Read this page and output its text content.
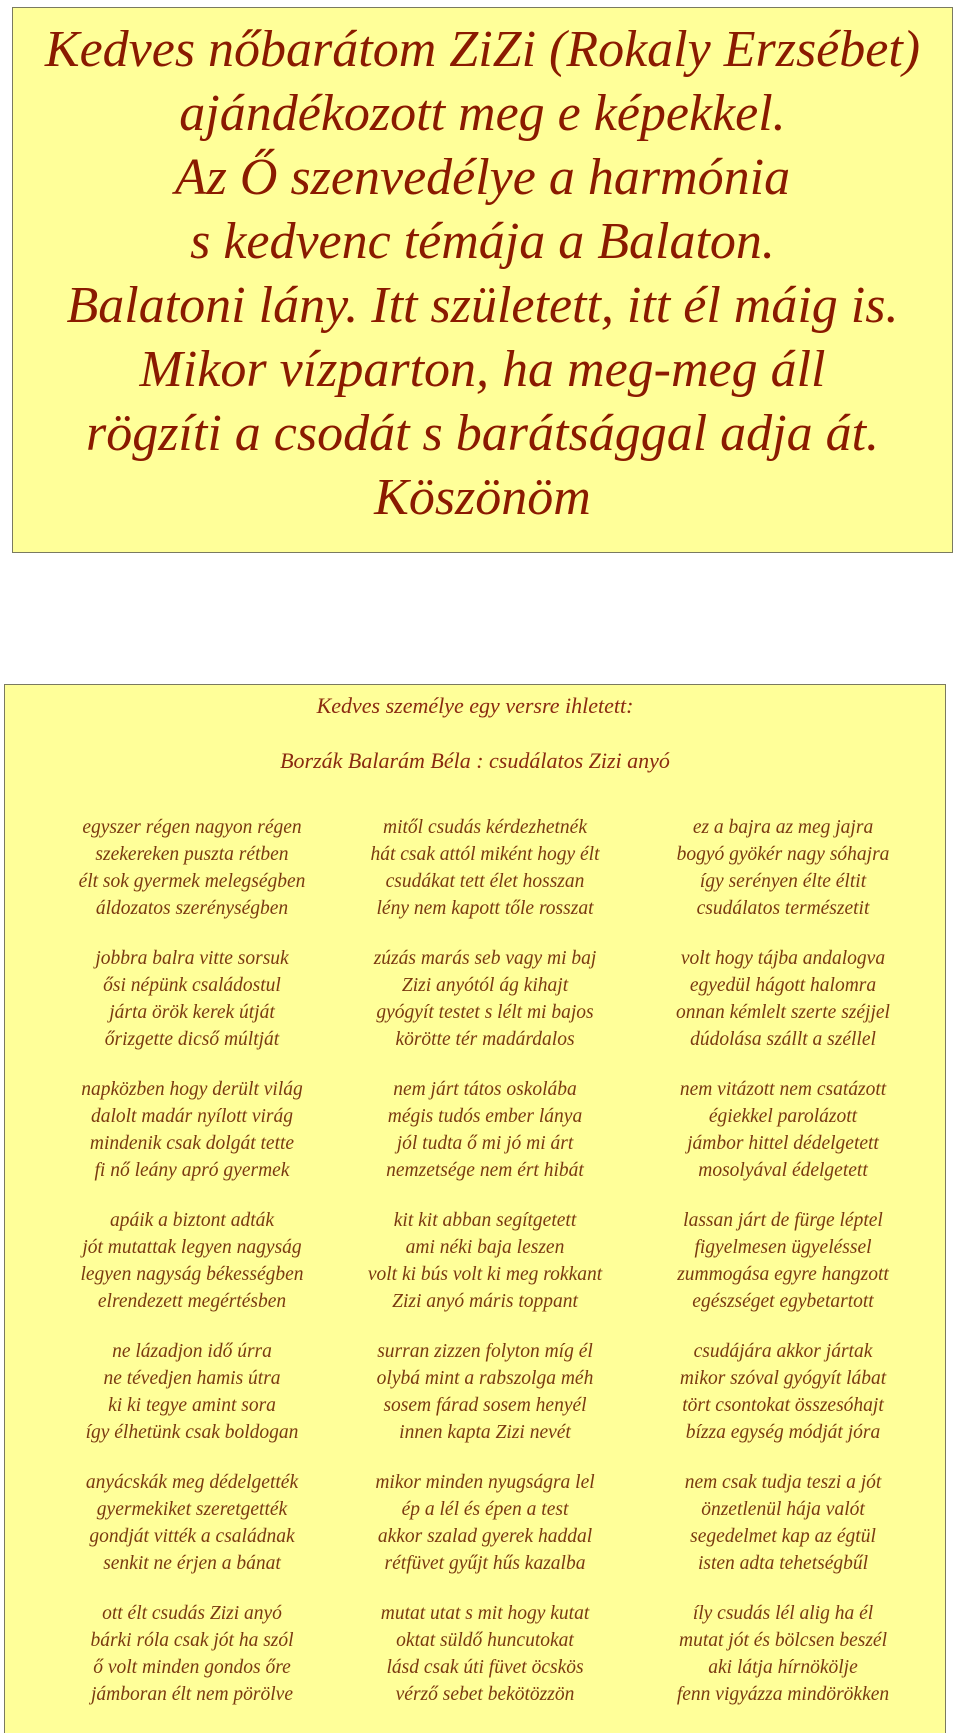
Kedves nőbarátom ZiZi (Rokaly Erzsébet)
ajándékozott meg e képekkel.
Az Ő szenvedélye a harmónia
s kedvenc témája a Balaton.
Balatoni lány. Itt született, itt él máig is.
Mikor vízparton, ha meg-meg áll
rögzíti a csodát s barátsággal adja át.
Köszönöm
Kedves személye egy versre ihletett:
Borzák Balarám Béla : csudálatos Zizi anyó
egyszer régen nagyon régen
szekereken puszta rétben
élt sok gyermek melegségben
áldozatos szerénységben
jobbra balra vitte sorsuk
ősi népünk családostul
járta örök kerek útját
őrizgette dicső múltját
napközben hogy derült világ
dalolt madár nyílott virág
mindenik csak dolgát tette
fi nő leány apró gyermek
apáik a biztont adták
jót mutattak legyen nagyság
legyen nagyság békességben
elrendezett megértésben
ne lázadjon idő úrra
ne tévedjen hamis útra
ki ki tegye amint sora
így élhetünk csak boldogan
anyácskák meg dédelgették
gyermekiket szeretgették
gondját vitték a családnak
senkit ne érjen a bánat
ott élt csudás Zizi anyó
bárki róla csak jót ha szól
ő volt minden gondos őre
jámboran élt nem pörölve
mitől csudás kérdezhetnék
hát csak attól miként hogy élt
csudákat tett élet hosszan
lény nem kapott tőle rosszat
zúzás marás seb vagy mi baj
Zizi anyótól ág kihajt
gyógyít testet s lélt mi bajos
körötte tér madárdalos
nem járt tátos oskolába
mégis tudós ember lánya
jól tudta ő mi jó mi árt
nemzetsége nem ért hibát
kit kit abban segítgetett
ami néki baja leszen
volt ki bús volt ki meg rokkant
Zizi anyó máris toppant
surran zizzen folyton míg él
olybá mint a rabszolga méh
sosem fárad sosem henyél
innen kapta Zizi nevét
mikor minden nyugságra lel
ép a lél és épen a test
akkor szalad gyerek haddal
rétfüvet gyűjt hűs kazalba
mutat utat s mit hogy kutat
oktat süldő huncutokat
lásd csak úti füvet öcskös
vérző sebet bekötözzön
ez a bajra az meg jajra
bogyó gyökér nagy sóhajra
így serényen élte éltit
csudálatos természetit
volt hogy tájba andalogva
egyedül hágott halomra
onnan kémlelt szerte széjjel
dúdolása szállt a széllel
nem vitázott nem csatázott
égiekkel parolázott
jámbor hittel dédelgetett
mosolyával édelgetett
lassan járt de fürge léptel
figyelmesen ügyeléssel
zummogása egyre hangzott
egészséget egybetartott
csudájára akkor jártak
mikor szóval gyógyít lábat
tört csontokat összesóhajt
bízza egység módját jóra
nem csak tudja teszi a jót
önzetlenül hája valót
segedelmet kap az égtül
isten adta tehetségbűl
íly csudás lél alig ha él
mutat jót és bölcsen beszél
aki látja hírnökölje
fenn vigyázza mindörökken
